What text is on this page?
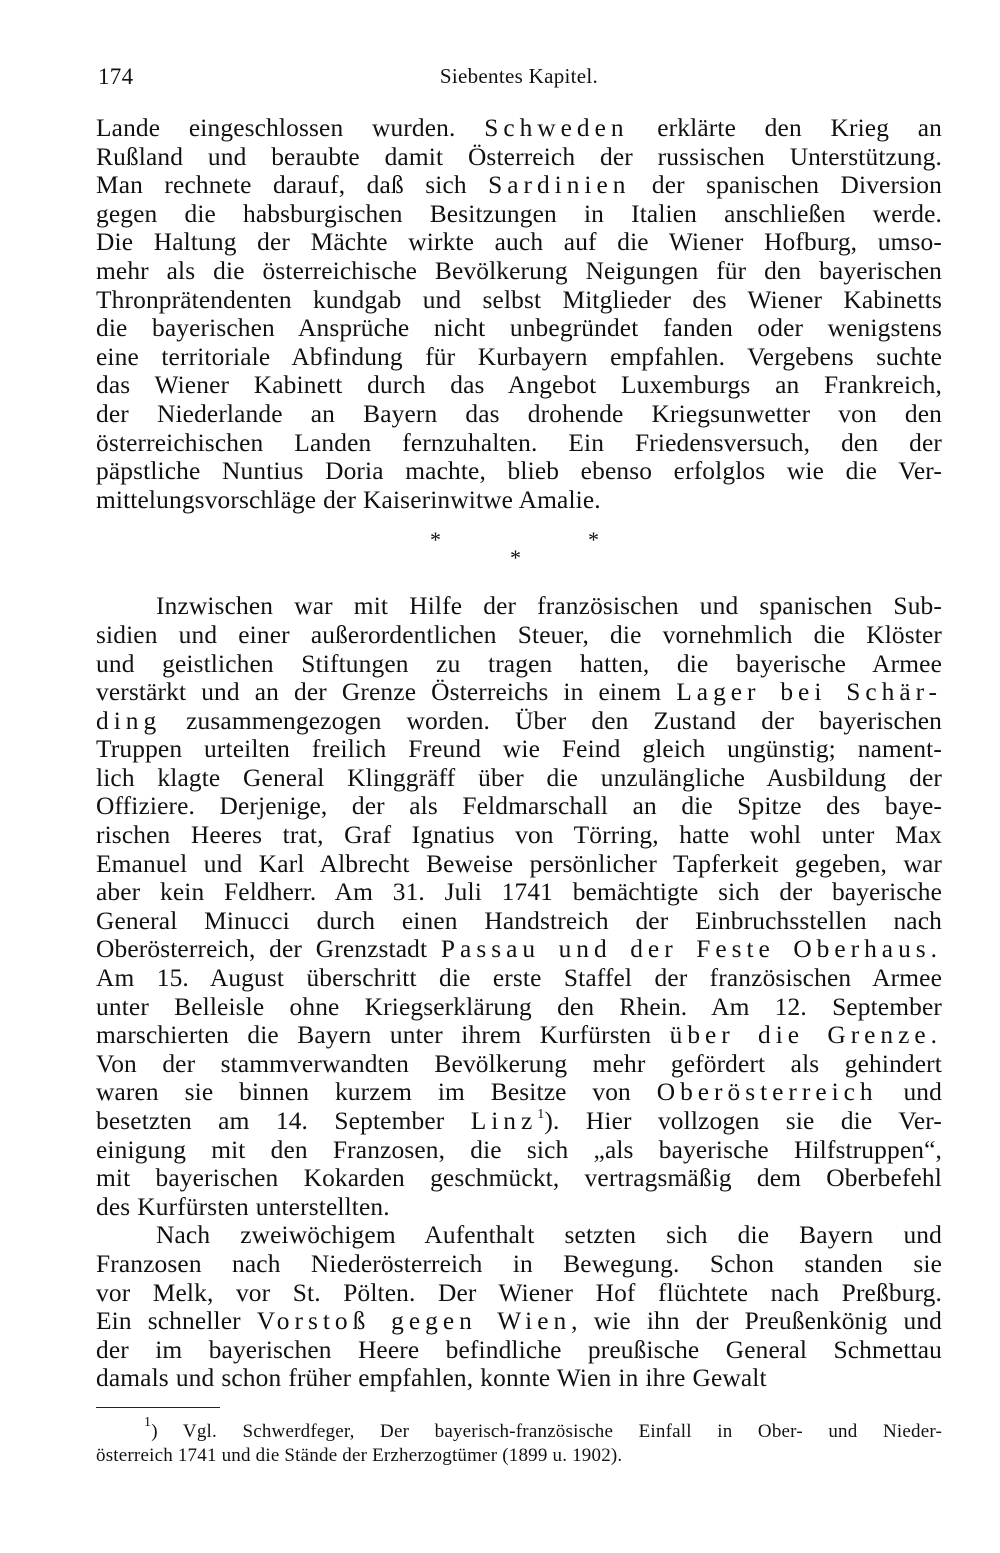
174	Siebentes Kapitel.
Lande eingeschlossen wurden. Schweden erklärte den Krieg an
Rußland und beraubte damit Österreich der russischen Unterstützung.
Man rechnete darauf, daß sich Sardinien der spanischen Diversion
gegen die habsburgischen Besitzungen in Italien anschließen werde.
Die Haltung der Mächte wirkte auch auf die Wiener Hofburg, umso-
mehr als die österreichische Bevölkerung Neigungen für den bayerischen
Thronprätendenten kundgab und selbst Mitglieder des Wiener Kabinetts
die bayerischen Ansprüche nicht unbegründet fanden oder wenigstens
eine territoriale Abfindung für Kurbayern empfahlen. Vergebens suchte
das Wiener Kabinett durch das Angebot Luxemburgs an Frankreich,
der Niederlande an Bayern das drohende Kriegsunwetter von den
österreichischen Landen fernzuhalten. Ein Friedensversuch, den der
päpstliche Nuntius Doria machte, blieb ebenso erfolglos wie die Ver-
mittelungsvorschläge der Kaiserinwitwe Amalie.
*	*
*
Inzwischen war mit Hilfe der französischen und spanischen Sub-
sidien und einer außerordentlichen Steuer, die vornehmlich die Klöster
und geistlichen Stiftungen zu tragen hatten, die bayerische Armee
verstärkt und an der Grenze Österreichs in einem Lager bei Schär-
ding zusammengezogen worden. Über den Zustand der bayerischen
Truppen urteilten freilich Freund wie Feind gleich ungünstig; nament-
lich klagte General Klinggräff über die unzulängliche Ausbildung der
Offiziere. Derjenige, der als Feldmarschall an die Spitze des baye-
rischen Heeres trat, Graf Ignatius von Törring, hatte wohl unter Max
Emanuel und Karl Albrecht Beweise persönlicher Tapferkeit gegeben, war
aber kein Feldherr. Am 31. Juli 1741 bemächtigte sich der bayerische
General Minucci durch einen Handstreich der Einbruchsstellen nach
Oberösterreich, der Grenzstadt Passau und der Feste Oberhaus.
Am 15. August überschritt die erste Staffel der französischen Armee
unter Belleisle ohne Kriegserklärung den Rhein. Am 12. September
marschierten die Bayern unter ihrem Kurfürsten über die Grenze.
Von der stammverwandten Bevölkerung mehr gefördert als gehindert
waren sie binnen kurzem im Besitze von Oberösterreich und
besetzten am 14. September Linz$^1$). Hier vollzogen sie die Ver-
einigung mit den Franzosen, die sich „als bayerische Hilfstruppen“,
mit bayerischen Kokarden geschmückt, vertragsmäßig dem Oberbefehl
des Kurfürsten unterstellten.
Nach zweiwöchigem Aufenthalt setzten sich die Bayern und
Franzosen nach Niederösterreich in Bewegung. Schon standen sie
vor Melk, vor St. Pölten. Der Wiener Hof flüchtete nach Preßburg.
Ein schneller Vorstoß gegen Wien, wie ihn der Preußenkönig und
der im bayerischen Heere befindliche preußische General Schmettau
damals und schon früher empfahlen, konnte Wien in ihre Gewalt
$^1$) Vgl. Schwerdfeger, Der bayerisch-französische Einfall in Ober- und Nieder-
österreich 1741 und die Stände der Erzherzogtümer (1899 u. 1902).
